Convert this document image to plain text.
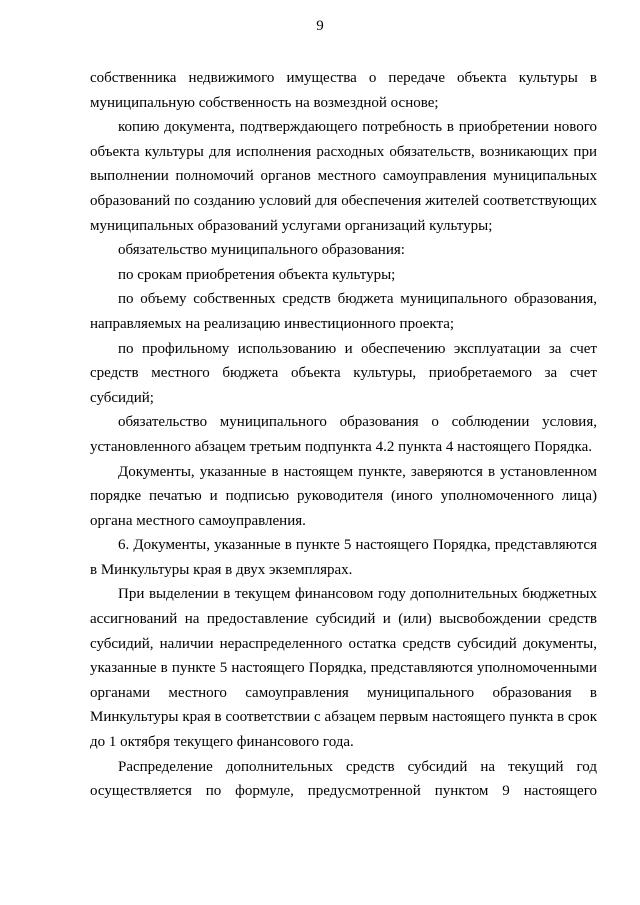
9

собственника недвижимого имущества о передаче объекта культуры в муниципальную собственность на возмездной основе;

копию документа, подтверждающего потребность в приобретении нового объекта культуры для исполнения расходных обязательств, возникающих при выполнении полномочий органов местного самоуправления муниципальных образований по созданию условий для обеспечения жителей соответствующих муниципальных образований услугами организаций культуры;

обязательство муниципального образования:

по срокам приобретения объекта культуры;

по объему собственных средств бюджета муниципального образования, направляемых на реализацию инвестиционного проекта;

по профильному использованию и обеспечению эксплуатации за счет средств местного бюджета объекта культуры, приобретаемого за счет субсидий;

обязательство муниципального образования о соблюдении условия, установленного абзацем третьим подпункта 4.2 пункта 4 настоящего Порядка.

Документы, указанные в настоящем пункте, заверяются в установленном порядке печатью и подписью руководителя (иного уполномоченного лица) органа местного самоуправления.

6. Документы, указанные в пункте 5 настоящего Порядка, представляются в Минкультуры края в двух экземплярах.

При выделении в текущем финансовом году дополнительных бюджетных ассигнований на предоставление субсидий и (или) высвобождении средств субсидий, наличии нераспределенного остатка средств субсидий документы, указанные в пункте 5 настоящего Порядка, представляются уполномоченными органами местного самоуправления муниципального образования в Минкультуры края в соответствии с абзацем первым настоящего пункта в срок до 1 октября текущего финансового года.

Распределение дополнительных средств субсидий на текущий год осуществляется по формуле, предусмотренной пунктом 9 настоящего
